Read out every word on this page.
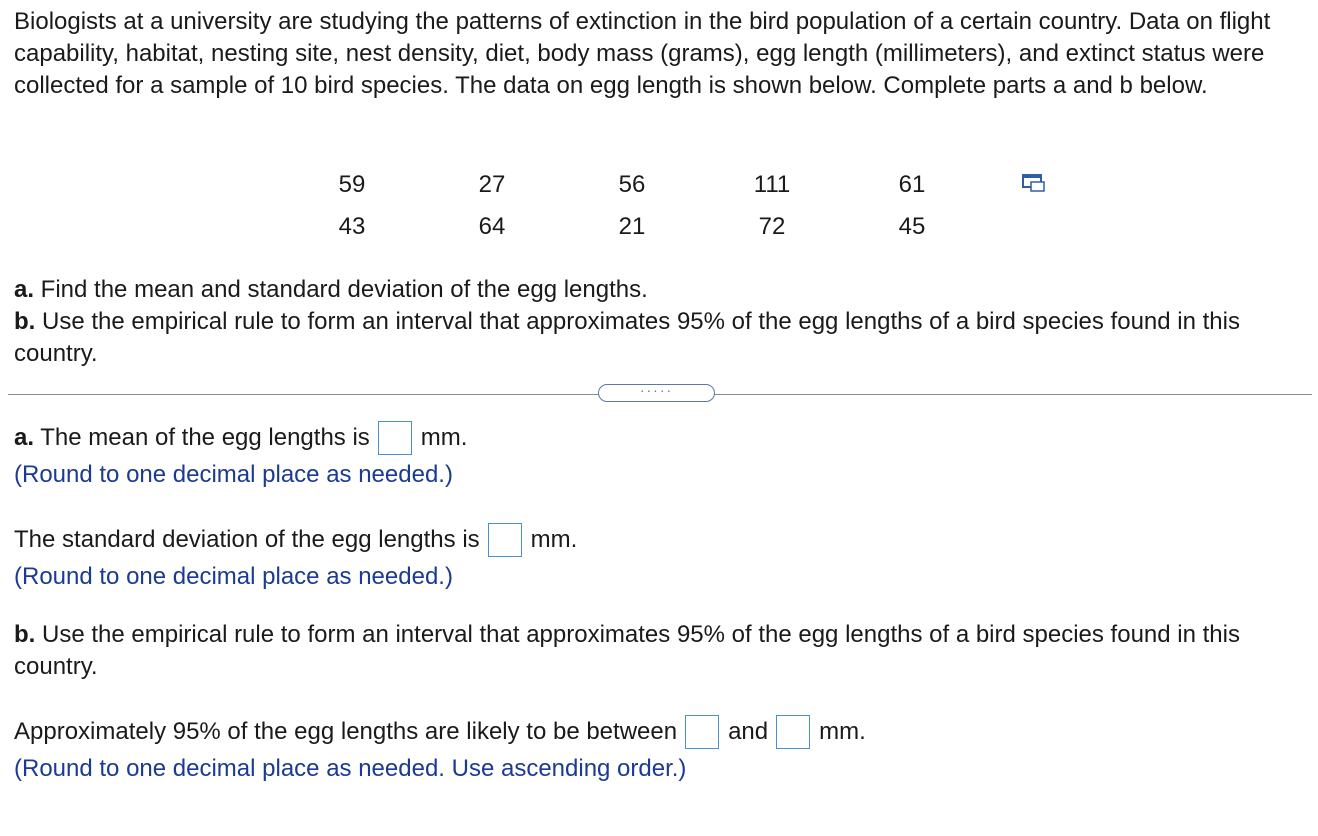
Biologists at a university are studying the patterns of extinction in the bird population of a certain country. Data on flight capability, habitat, nesting site, nest density, diet, body mass (grams), egg length (millimeters), and extinct status were collected for a sample of 10 bird species. The data on egg length is shown below. Complete parts a and b below.

59	27	56	111	61
43	64	21	72	45

a. Find the mean and standard deviation of the egg lengths.
b. Use the empirical rule to form an interval that approximates 95% of the egg lengths of a bird species found in this country.

·····
a. The mean of the egg lengths is mm.
(Round to one decimal place as needed.)
The standard deviation of the egg lengths is mm.
(Round to one decimal place as needed.)

b. Use the empirical rule to form an interval that approximates 95% of the egg lengths of a bird species found in this country.

Approximately 95% of the egg lengths are likely to be between and mm.
(Round to one decimal place as needed. Use ascending order.)
